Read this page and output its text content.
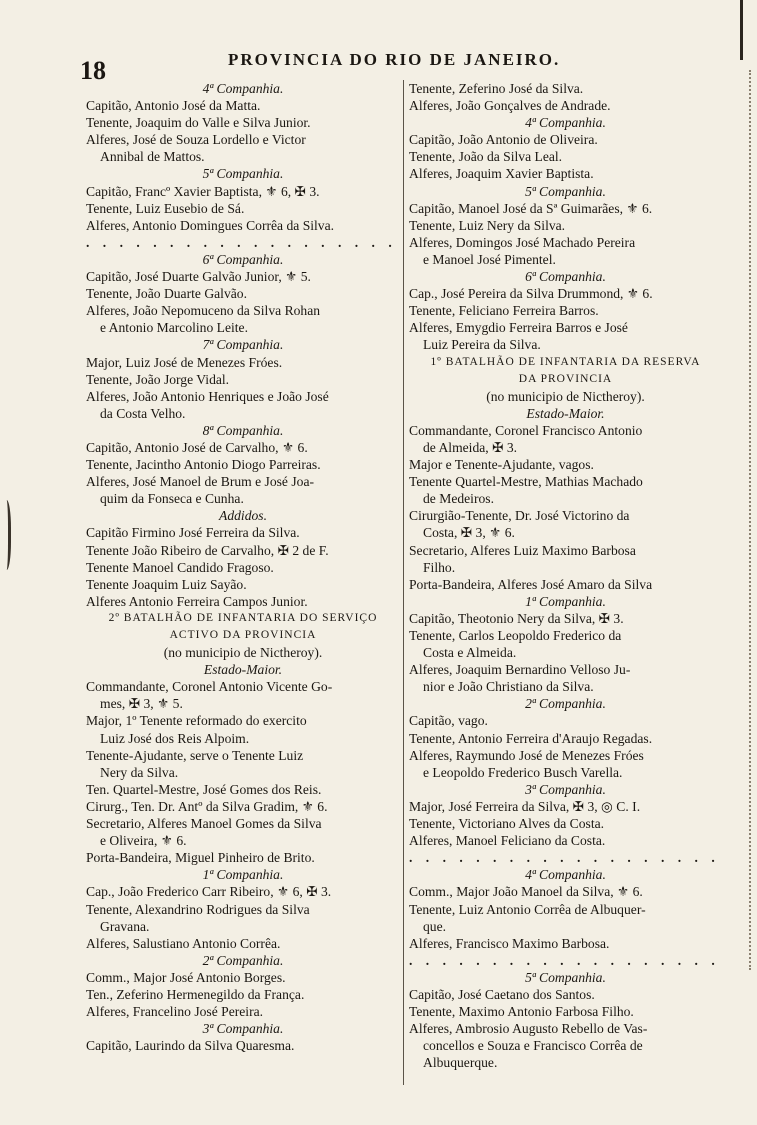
18	PROVINCIA DO RIO DE JANEIRO.
4ª Companhia.
Capitão, Antonio José da Matta.
Tenente, Joaquim do Valle e Silva Junior.
Alferes, José de Souza Lordello e Victor
Annibal de Mattos.
5ª Companhia.
Capitão, Francº Xavier Baptista, ⚜ 6, ✠ 3.
Tenente, Luiz Eusebio de Sá.
Alferes, Antonio Domingues Corrêa da Silva.
. . . . . . . . . . . . . . . . . . .
6ª Companhia.
Capitão, José Duarte Galvão Junior, ⚜ 5.
Tenente, João Duarte Galvão.
Alferes, João Nepomuceno da Silva Rohan
e Antonio Marcolino Leite.
7ª Companhia.
Major, Luiz José de Menezes Fróes.
Tenente, João Jorge Vidal.
Alferes, João Antonio Henriques e João José
da Costa Velho.
8ª Companhia.
Capitão, Antonio José de Carvalho, ⚜ 6.
Tenente, Jacintho Antonio Diogo Parreiras.
Alferes, José Manoel de Brum e José Joa-
quim da Fonseca e Cunha.
Addidos.
Capitão Firmino José Ferreira da Silva.
Tenente João Ribeiro de Carvalho, ✠ 2 de F.
Tenente Manoel Candido Fragoso.
Tenente Joaquim Luiz Sayão.
Alferes Antonio Ferreira Campos Junior.
2º BATALHÃO DE INFANTARIA DO SERVIÇO
ACTIVO DA PROVINCIA
(no municipio de Nictheroy).
Estado-Maior.
Commandante, Coronel Antonio Vicente Go-
mes, ✠ 3, ⚜ 5.
Major, 1º Tenente reformado do exercito
Luiz José dos Reis Alpoim.
Tenente-Ajudante, serve o Tenente Luiz
Nery da Silva.
Ten. Quartel-Mestre, José Gomes dos Reis.
Cirurg., Ten. Dr. Antº da Silva Gradim, ⚜ 6.
Secretario, Alferes Manoel Gomes da Silva
e Oliveira, ⚜ 6.
Porta-Bandeira, Miguel Pinheiro de Brito.
1ª Companhia.
Cap., João Frederico Carr Ribeiro, ⚜ 6, ✠ 3.
Tenente, Alexandrino Rodrigues da Silva
Gravana.
Alferes, Salustiano Antonio Corrêa.
2ª Companhia.
Comm., Major José Antonio Borges.
Ten., Zeferino Hermenegildo da França.
Alferes, Francelino José Pereira.
3ª Companhia.
Capitão, Laurindo da Silva Quaresma.
Tenente, Zeferino José da Silva.
Alferes, João Gonçalves de Andrade.
4ª Companhia.
Capitão, João Antonio de Oliveira.
Tenente, João da Silva Leal.
Alferes, Joaquim Xavier Baptista.
5ª Companhia.
Capitão, Manoel José da Sª Guimarães, ⚜ 6.
Tenente, Luiz Nery da Silva.
Alferes, Domingos José Machado Pereira
e Manoel José Pimentel.
6ª Companhia.
Cap., José Pereira da Silva Drummond, ⚜ 6.
Tenente, Feliciano Ferreira Barros.
Alferes, Emygdio Ferreira Barros e José
Luiz Pereira da Silva.
1º BATALHÃO DE INFANTARIA DA RESERVA
DA PROVINCIA
(no municipio de Nictheroy).
Estado-Maior.
Commandante, Coronel Francisco Antonio
de Almeida, ✠ 3.
Major e Tenente-Ajudante, vagos.
Tenente Quartel-Mestre, Mathias Machado
de Medeiros.
Cirurgião-Tenente, Dr. José Victorino da
Costa, ✠ 3, ⚜ 6.
Secretario, Alferes Luiz Maximo Barbosa
Filho.
Porta-Bandeira, Alferes José Amaro da Silva
1ª Companhia.
Capitão, Theotonio Nery da Silva, ✠ 3.
Tenente, Carlos Leopoldo Frederico da
Costa e Almeida.
Alferes, Joaquim Bernardino Velloso Ju-
nior e João Christiano da Silva.
2ª Companhia.
Capitão, vago.
Tenente, Antonio Ferreira d'Araujo Regadas.
Alferes, Raymundo José de Menezes Fróes
e Leopoldo Frederico Busch Varella.
3ª Companhia.
Major, José Ferreira da Silva, ✠ 3, ◎ C. I.
Tenente, Victoriano Alves da Costa.
Alferes, Manoel Feliciano da Costa.
. . . . . . . . . . . . . . . . . . .
4ª Companhia.
Comm., Major João Manoel da Silva, ⚜ 6.
Tenente, Luiz Antonio Corrêa de Albuquer-
que.
Alferes, Francisco Maximo Barbosa.
. . . . . . . . . . . . . . . . . . .
5ª Companhia.
Capitão, José Caetano dos Santos.
Tenente, Maximo Antonio Farbosa Filho.
Alferes, Ambrosio Augusto Rebello de Vas-
concellos e Souza e Francisco Corrêa de
Albuquerque.
